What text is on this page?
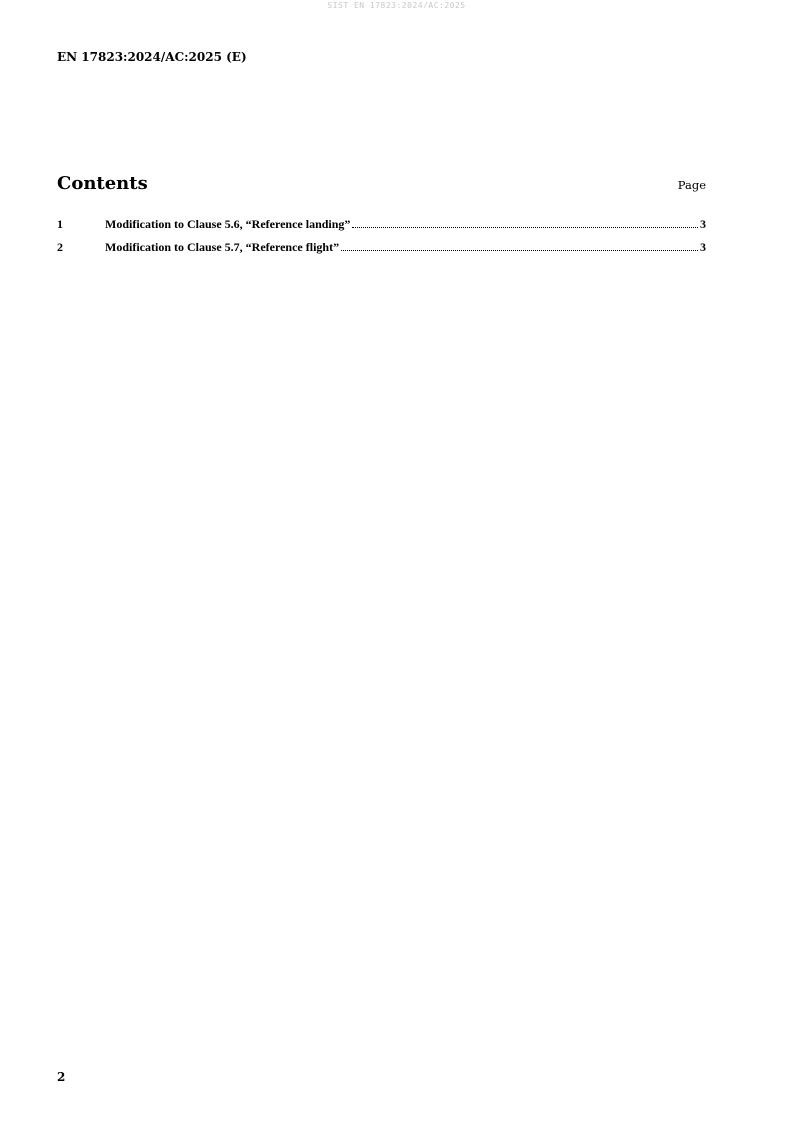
SIST EN 17823:2024/AC:2025
EN 17823:2024/AC:2025 (E)
Contents	Page
1	Modification to Clause 5.6, “Reference landing”	3
2	Modification to Clause 5.7, “Reference flight”	3
2
